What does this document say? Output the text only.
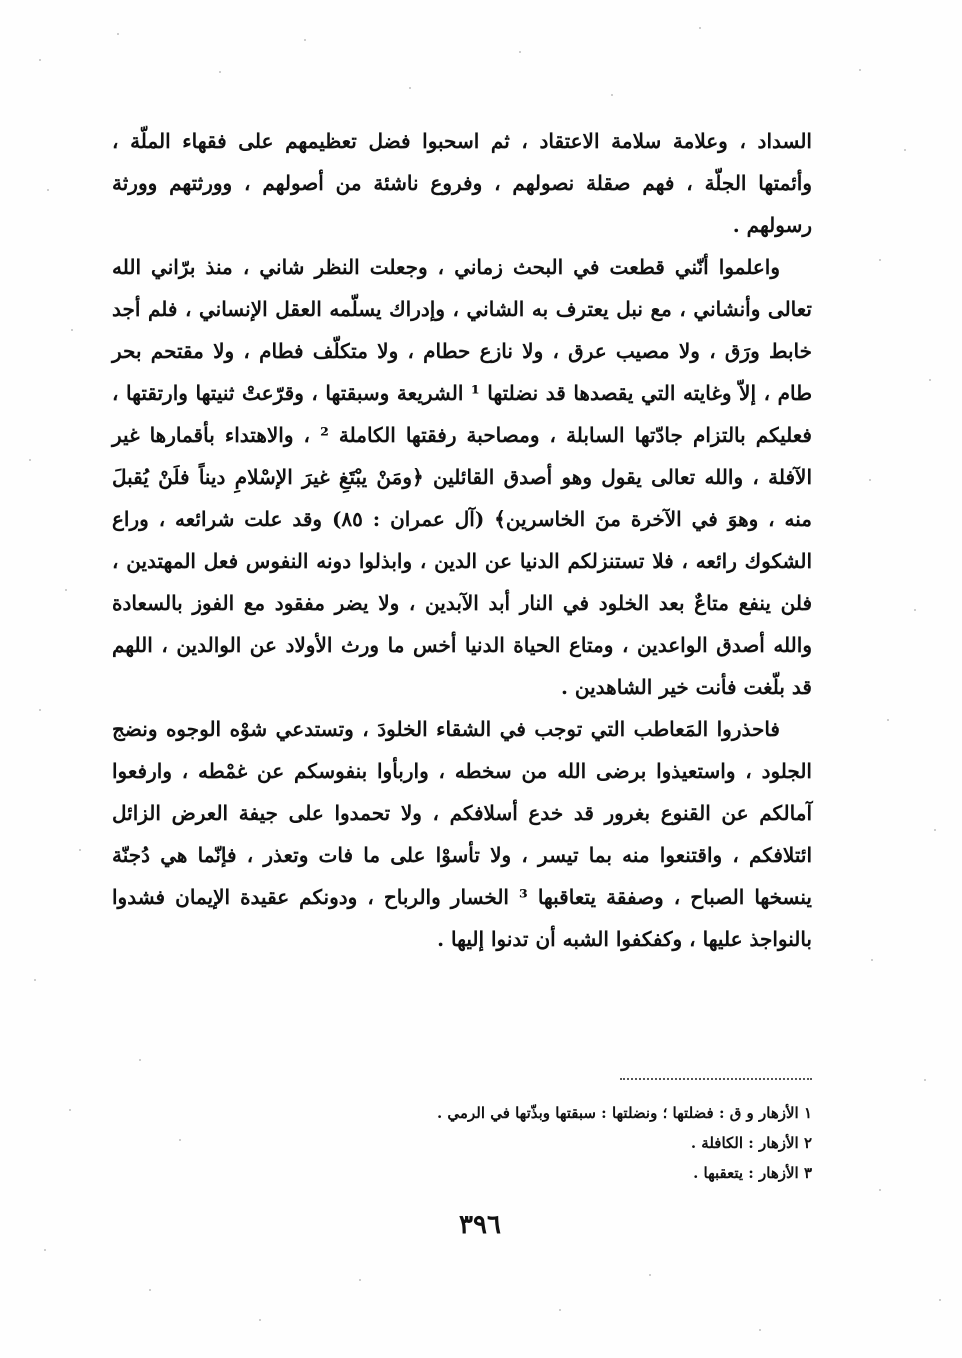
السداد ، وعلامة سلامة الاعتقاد ، ثم اسحبوا فضل تعظيمهم على فقهاء الملّة ، وأئمتها الجلّة ، فهم صقلة نصولهم ، وفروع ناشئة من أصولهم ، وورثتهم وورثة رسولهم .

واعلموا أنّني قطعت في البحث زماني ، وجعلت النظر شاني ، منذ برّاني الله تعالى وأنشاني ، مع نبل يعترف به الشاني ، وإدراك يسلّمه العقل الإنساني ، فلم أجد خابط ورَق ، ولا مصيب عرق ، ولا نازع حطام ، ولا متكلّف فطام ، ولا مقتحم بحر طام ، إلاّ وغايته التي يقصدها قد نضلتها ¹ الشريعة وسبقتها ، وقرّعتْ ثنيتها وارتقتها ، فعليكم بالتزام جادّتها السابلة ، ومصاحبة رفقتها الكاملة ² ، والاهتداء بأقمارها غير الآفلة ، والله تعالى يقول وهو أصدق القائلين ﴿ومَنْ يبْتَغِ غيرَ الإسْلامِ ديناً فلَنْ يُقبلَ منه ، وهوَ في الآخرة منَ الخاسرين﴾ (آل عمران : ٨٥) وقد علت شرائعه ، وراع الشكوك رائعه ، فلا تستنزلكم الدنيا عن الدين ، وابذلوا دونه النفوس فعل المهتدين ، فلن ينفع متاعٌ بعد الخلود في النار أبد الآبدين ، ولا يضر مفقود مع الفوز بالسعادة والله أصدق الواعدين ، ومتاع الحياة الدنيا أخس ما ورث الأولاد عن الوالدين ، اللهم قد بلّغت فأنت خير الشاهدين .

فاحذروا المَعاطب التي توجب في الشقاء الخلودَ ، وتستدعي شوْه الوجوه ونضج الجلود ، واستعيذوا برضى الله من سخطه ، واربأوا بنفوسكم عن غمْطه ، وارفعوا آمالكم عن القنوع بغرور قد خدع أسلافكم ، ولا تحمدوا على جيفة العرض الزائل ائتلافكم ، واقتنعوا منه بما تيسر ، ولا تأسوْا على ما فات وتعذر ، فإنّما هي دُجنّة ينسخها الصباح ، وصفقة يتعاقبها ³ الخسار والرباح ، ودونكم عقيدة الإيمان فشدوا بالنواجذ عليها ، وكفكفوا الشبه أن تدنوا إليها .

١ الأزهار و ق : فضلتها ؛ ونضلتها : سبقتها وبذّتها في الرمي .
٢ الأزهار : الكافلة .
٣ الأزهار : يتعقبها .
٣٩٦
